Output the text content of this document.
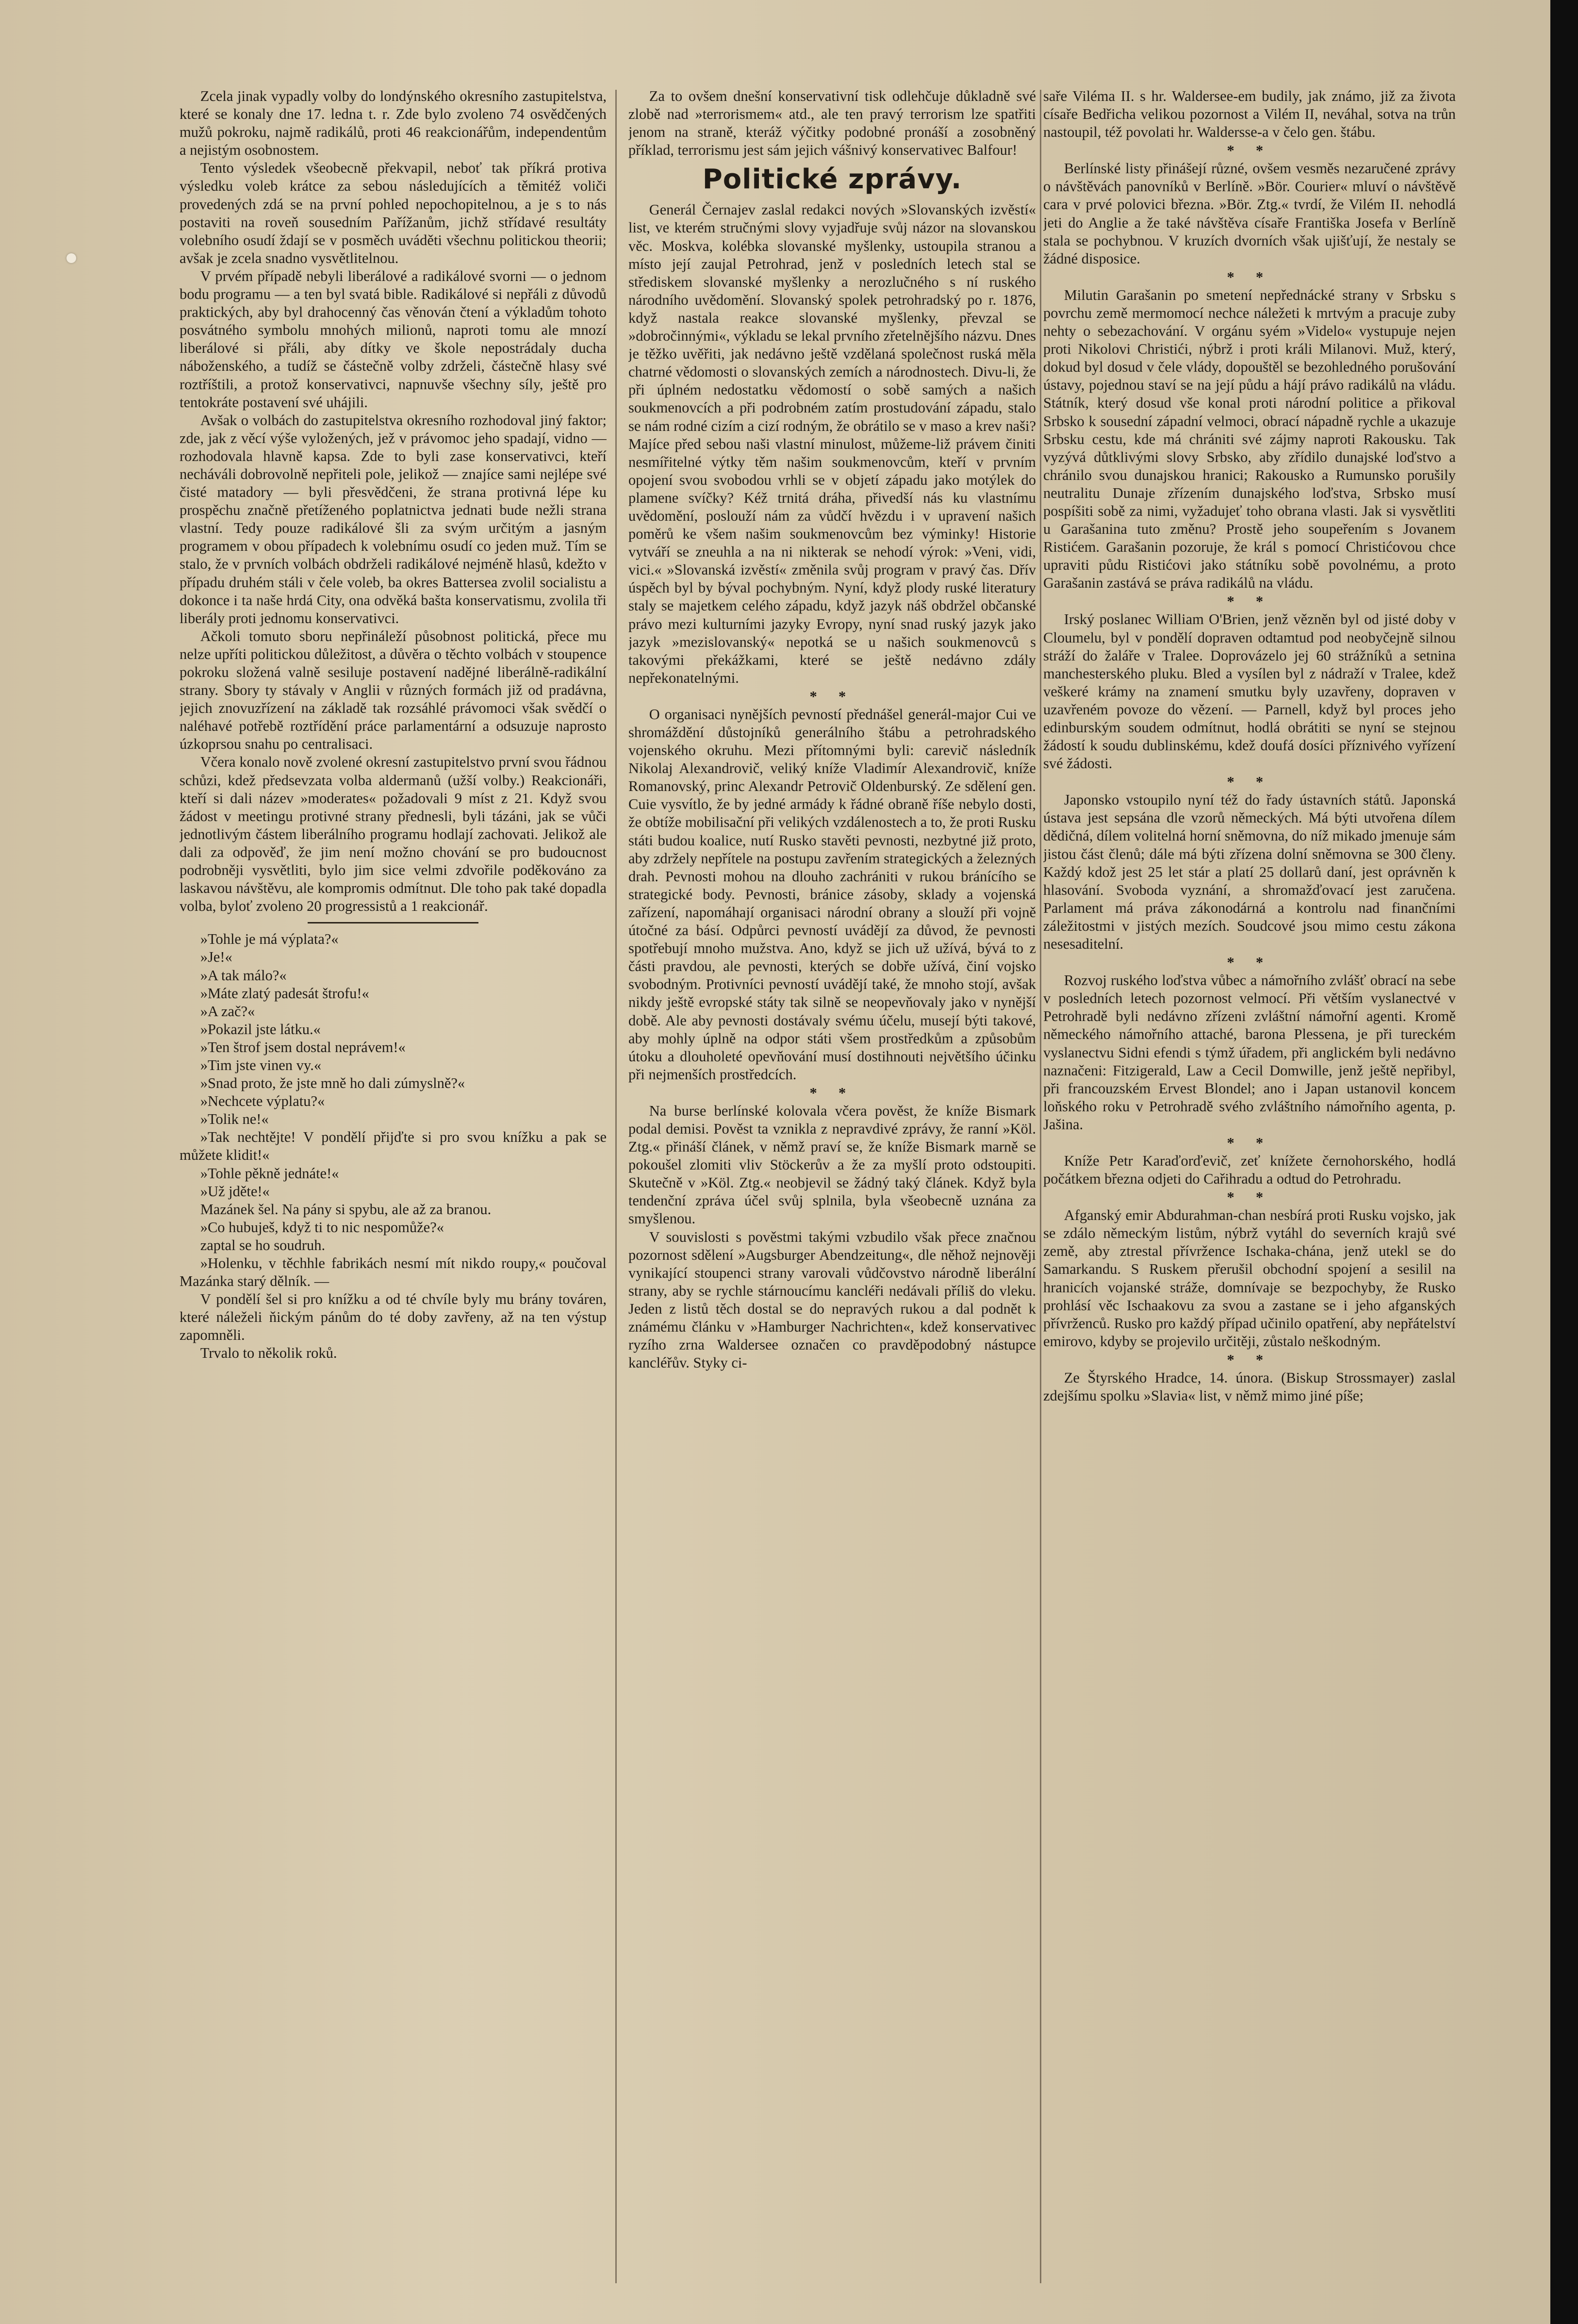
Zcela jinak vypadly volby do londýnského okresního zastupitelstva, které se konaly dne 17. ledna t. r. Zde bylo zvoleno 74 osvědčených mužů pokroku, najmě radikálů, proti 46 reakcionářům, independentům a nejistým osobnostem.

Tento výsledek všeobecně překvapil, neboť tak příkrá protiva výsledku voleb krátce za sebou následujících a těmitéž voliči provedených zdá se na první pohled nepochopitelnou, a je s to nás postaviti na roveň sousedním Pařížanům, jichž střídavé resultáty volebního osudí ždají se v posměch uváděti všechnu politickou theorii; avšak je zcela snadno vysvětlitelnou.

V prvém případě nebyli liberálové a radikálové svorni — o jednom bodu programu — a ten byl svatá bible. Radikálové si nepřáli z důvodů praktických, aby byl drahocenný čas věnován čtení a výkladům tohoto posvátného symbolu mnohých milionů, naproti tomu ale mnozí liberálové si přáli, aby dítky ve škole nepostrádaly ducha náboženského, a tudíž se částečně volby zdrželi, částečně hlasy své roztříštili, a protož konservativci, napnuvše všechny síly, ještě pro tentokráte postavení své uhájili.

Avšak o volbách do zastupitelstva okresního rozhodoval jiný faktor; zde, jak z věcí výše vyložených, jež v právomoc jeho spadají, vidno — rozhodovala hlavně kapsa. Zde to byli zase konservativci, kteří necháváli dobrovolně nepřiteli pole, jelikož — znajíce sami nejlépe své čisté matadory — byli přesvědčeni, že strana protivná lépe ku prospěchu značně přetíženého poplatnictva jednati bude nežli strana vlastní. Tedy pouze radikálové šli za svým určitým a jasným programem v obou případech k volebnímu osudí co jeden muž. Tím se stalo, že v prvních volbách obdrželi radikálové nejméně hlasů, kdežto v případu druhém stáli v čele voleb, ba okres Battersea zvolil socialistu a dokonce i ta naše hrdá City, ona odvěká bašta konservatismu, zvolila tři liberály proti jednomu konservativci.

Ačkoli tomuto sboru nepřináleží působnost politická, přece mu nelze upříti politickou důležitost, a důvěra o těchto volbách v stoupence pokroku složená valně sesiluje postavení nadějné liberálně-radikální strany. Sbory ty stávaly v Anglii v různých formách již od pradávna, jejich znovuzřízení na základě tak rozsáhlé právomoci však svědčí o naléhavé potřebě roztřídění práce parlamentární a odsuzuje naprosto úzkoprsou snahu po centralisaci.

Včera konalo nově zvolené okresní zastupitelstvo první svou řádnou schůzi, kdež předsevzata volba aldermanů (užší volby.) Reakcionáři, kteří si dali název »moderates« požadovali 9 míst z 21. Když svou žádost v meetingu protivné strany přednesli, byli tázáni, jak se vůči jednotlivým částem liberálního programu hodlají zachovati. Jelikož ale dali za odpověď, že jim není možno chování se pro budoucnost podrobněji vysvětliti, bylo jim sice velmi zdvořile poděkováno za laskavou návštěvu, ale kompromis odmítnut. Dle toho pak také dopadla volba, byloť zvoleno 20 progressistů a 1 reakcionář.

»Tohle je má výplata?«

»Je!«

»A tak málo?«

»Máte zlatý padesát štrofu!«

»A zač?«

»Pokazil jste látku.«

»Ten štrof jsem dostal neprávem!«

»Tim jste vinen vy.«

»Snad proto, že jste mně ho dali zúmyslně?«

»Nechcete výplatu?«

»Tolik ne!«

»Tak nechtějte! V pondělí přijďte si pro svou knížku a pak se můžete klidit!«

»Tohle pěkně jednáte!«

»Už jděte!«

Mazánek šel. Na pány si spybu, ale až za branou.

»Co hubuješ, když ti to nic nespomůže?«

zaptal se ho soudruh.

»Holenku, v těchhle fabrikách nesmí mít nikdo roupy,« poučoval Mazánka starý dělník. —

V pondělí šel si pro knížku a od té chvíle byly mu brány továren, které náleželi ňickým pánům do té doby zavřeny, až na ten výstup zapomněli.

Trvalo to několik roků.

Za to ovšem dnešní konservativní tisk odlehčuje důkladně své zlobě nad »terrorismem« atd., ale ten pravý terrorism lze spatřiti jenom na straně, kteráž výčitky podobné pronáší a zosobněný příklad, terrorismu jest sám jejich vášnivý konservativec Balfour!

Politické zprávy.

Generál Černajev zaslal redakci nových »Slovanských izvěstí« list, ve kterém stručnými slovy vyjadřuje svůj názor na slovanskou věc. Moskva, kolébka slovanské myšlenky, ustoupila stranou a místo její zaujal Petrohrad, jenž v posledních letech stal se střediskem slovanské myšlenky a nerozlučného s ní ruského národního uvědomění. Slovanský spolek petrohradský po r. 1876, když nastala reakce slovanské myšlenky, převzal se »dobročinnými«, výkladu se lekal prvního zřetelnějšího názvu. Dnes je těžko uvěřiti, jak nedávno ještě vzdělaná společnost ruská měla chatrné vědomosti o slovanských zemích a národnostech. Divu-li, že při úplném nedostatku vědomostí o sobě samých a našich soukmenovcích a při podrobném zatím prostudování západu, stalo se nám rodné cizím a cizí rodným, že obrátilo se v maso a krev naši? Majíce před sebou naši vlastní minulost, můžeme-liž právem činiti nesmířitelné výtky těm našim soukmenovcům, kteří v prvním opojení svou svobodou vrhli se v objetí západu jako motýlek do plamene svíčky? Kéž trnitá dráha, přivedší nás ku vlastnímu uvědomění, poslouží nám za vůdčí hvězdu i v upravení našich poměrů ke všem našim soukmenovcům bez výminky! Historie vytváří se zneuhla a na ni nikterak se nehodí výrok: »Veni, vidi, vici.« »Slovanská izvěstí« změnila svůj program v pravý čas. Dřív úspěch byl by býval pochybným. Nyní, když plody ruské literatury staly se majetkem celého západu, když jazyk náš obdržel občanské právo mezi kulturními jazyky Evropy, nyní snad ruský jazyk jako jazyk »mezislovanský« nepotká se u našich soukmenovců s takovými překážkami, které se ještě nedávno zdály nepřekonatelnými.

* *

O organisaci nynějších pevností přednášel generál-major Cui ve shromáždění důstojníků generálního štábu a petrohradského vojenského okruhu. Mezi přítomnými byli: carevič následník Nikolaj Alexandrovič, veliký kníže Vladimír Alexandrovič, kníže Romanovský, princ Alexandr Petrovič Oldenburský. Ze sdělení gen. Cuie vysvítlo, že by jedné armády k řádné obraně říše nebylo dosti, že obtíže mobilisační při velikých vzdálenostech a to, že proti Rusku státi budou koalice, nutí Rusko stavěti pevnosti, nezbytné již proto, aby zdržely nepřítele na postupu zavřením strategických a železných drah. Pevnosti mohou na dlouho zachrániti v rukou bránícího se strategické body. Pevnosti, bránice zásoby, sklady a vojenská zařízení, napomáhají organisaci národní obrany a slouží při vojně útočné za básí. Odpůrci pevností uvádějí za důvod, že pevnosti spotřebují mnoho mužstva. Ano, když se jich už užívá, bývá to z části pravdou, ale pevnosti, kterých se dobře užívá, činí vojsko svobodným. Protivníci pevností uvádějí také, že mnoho stojí, avšak nikdy ještě evropské státy tak silně se neopevňovaly jako v nynější době. Ale aby pevnosti dostávaly svému účelu, musejí býti takové, aby mohly úplně na odpor státi všem prostředkům a způsobům útoku a dlouholeté opevňování musí dostihnouti největšího účinku při nejmenších prostředcích.

* *

Na burse berlínské kolovala včera pověst, že kníže Bismark podal demisi. Pověst ta vznikla z nepravdivé zprávy, že ranní »Köl. Ztg.« přináší článek, v němž praví se, že kníže Bismark marně se pokoušel zlomiti vliv Stöckerův a že za myšlí proto odstoupiti. Skutečně v »Köl. Ztg.« neobjevil se žádný taký článek. Když byla tendenční zpráva účel svůj splnila, byla všeobecně uznána za smyšlenou.

V souvislosti s pověstmi takými vzbudilo však přece značnou pozornost sdělení »Augsburger Abendzeitung«, dle něhož nejnověji vynikající stoupenci strany varovali vůdčovstvo národně liberální strany, aby se rychle stárnoucímu kancléři nedávali příliš do vleku. Jeden z listů těch dostal se do nepravých rukou a dal podnět k známému článku v »Hamburger Nachrichten«, kdež konservativec ryzího zrna Waldersee označen co pravděpodobný nástupce kancléřův. Styky ci-

saře Viléma II. s hr. Waldersee-em budily, jak známo, již za života císaře Bedřicha velikou pozornost a Vilém II, neváhal, sotva na trůn nastoupil, též povolati hr. Waldersse-a v čelo gen. štábu.

* *

Berlínské listy přinášejí různé, ovšem vesměs nezaručené zprávy o návštěvách panovníků v Berlíně. »Bör. Courier« mluví o návštěvě cara v prvé polovici března. »Bör. Ztg.« tvrdí, že Vilém II. nehodlá jeti do Anglie a že také návštěva císaře Františka Josefa v Berlíně stala se pochybnou. V kruzích dvorních však ujišťují, že nestaly se žádné disposice.

* *

Milutin Garašanin po smetení nepřednácké strany v Srbsku s povrchu země mermomocí nechce náležeti k mrtvým a pracuje zuby nehty o sebezachování. V orgánu syém »Videlo« vystupuje nejen proti Nikolovi Christići, nýbrž i proti králi Milanovi. Muž, který, dokud byl dosud v čele vlády, dopouštěl se bezohledného porušování ústavy, pojednou staví se na její půdu a hájí právo radikálů na vládu. Státník, který dosud vše konal proti národní politice a přikoval Srbsko k sousední západní velmoci, obrací nápadně rychle a ukazuje Srbsku cestu, kde má chrániti své zájmy naproti Rakousku. Tak vyzývá důtklivými slovy Srbsko, aby zřídilo dunajské loďstvo a chránilo svou dunajskou hranici; Rakousko a Rumunsko porušily neutralitu Dunaje zřízením dunajského loďstva, Srbsko musí pospíšiti sobě za nimi, vyžadujeť toho obrana vlasti. Jak si vysvětliti u Garašanina tuto změnu? Prostě jeho soupeřením s Jovanem Ristićem. Garašanin pozoruje, že král s pomocí Christićovou chce upraviti půdu Ristićovi jako státníku sobě povolnému, a proto Garašanin zastává se práva radikálů na vládu.

* *

Irský poslanec William O'Brien, jenž vězněn byl od jisté doby v Cloumelu, byl v pondělí dopraven odtamtud pod neobyčejně silnou stráží do žaláře v Tralee. Doprovázelo jej 60 strážníků a setnina manchesterského pluku. Bled a vysílen byl z nádraží v Tralee, kdež veškeré krámy na znamení smutku byly uzavřeny, dopraven v uzavřeném povoze do vězení. — Parnell, když byl proces jeho edinburským soudem odmítnut, hodlá obrátiti se nyní se stejnou žádostí k soudu dublinskému, kdež doufá dosíci příznivého vyřízení své žádosti.

* *

Japonsko vstoupilo nyní též do řady ústavních států. Japonská ústava jest sepsána dle vzorů německých. Má býti utvořena dílem dědičná, dílem volitelná horní sněmovna, do níž mikado jmenuje sám jistou část členů; dále má býti zřízena dolní sněmovna se 300 členy. Každý kdož jest 25 let stár a platí 25 dollarů daní, jest oprávněn k hlasování. Svoboda vyznání, a shromažďovací jest zaručena. Parlament má práva zákonodárná a kontrolu nad finančními záležitostmi v jistých mezích. Soudcové jsou mimo cestu zákona nesesaditelní.

* *

Rozvoj ruského loďstva vůbec a námořního zvlášť obrací na sebe v posledních letech pozornost velmocí. Při větším vyslanectvé v Petrohradě byli nedávno zřízeni zvláštní námořní agenti. Kromě německého námořního attaché, barona Plessena, je při tureckém vyslanectvu Sidni efendi s týmž úřadem, při anglickém byli nedávno naznačeni: Fitzigerald, Law a Cecil Domwille, jenž ještě nepřibyl, při francouzském Ervest Blondel; ano i Japan ustanovil koncem loňského roku v Petrohradě svého zvláštního námořního agenta, p. Jašina.

* *

Kníže Petr Karaďorďevič, zeť knížete černohorského, hodlá počátkem března odjeti do Cařihradu a odtud do Petrohradu.

* *

Afganský emir Abdurahman-chan nesbírá proti Rusku vojsko, jak se zdálo německým listům, nýbrž vytáhl do severních krajů své země, aby ztrestal přívržence Ischaka-chána, jenž utekl se do Samarkandu. S Ruskem přerušil obchodní spojení a sesilil na hranicích vojanské stráže, domnívaje se bezpochyby, že Rusko prohlásí věc Ischaakovu za svou a zastane se i jeho afganských přívrženců. Rusko pro každý případ učinilo opatření, aby nepřátelství emirovo, kdyby se projevilo určitěji, zůstalo neškodným.

* *

Ze Štyrského Hradce, 14. února. (Biskup Strossmayer) zaslal zdejšímu spolku »Slavia« list, v němž mimo jiné píše;
